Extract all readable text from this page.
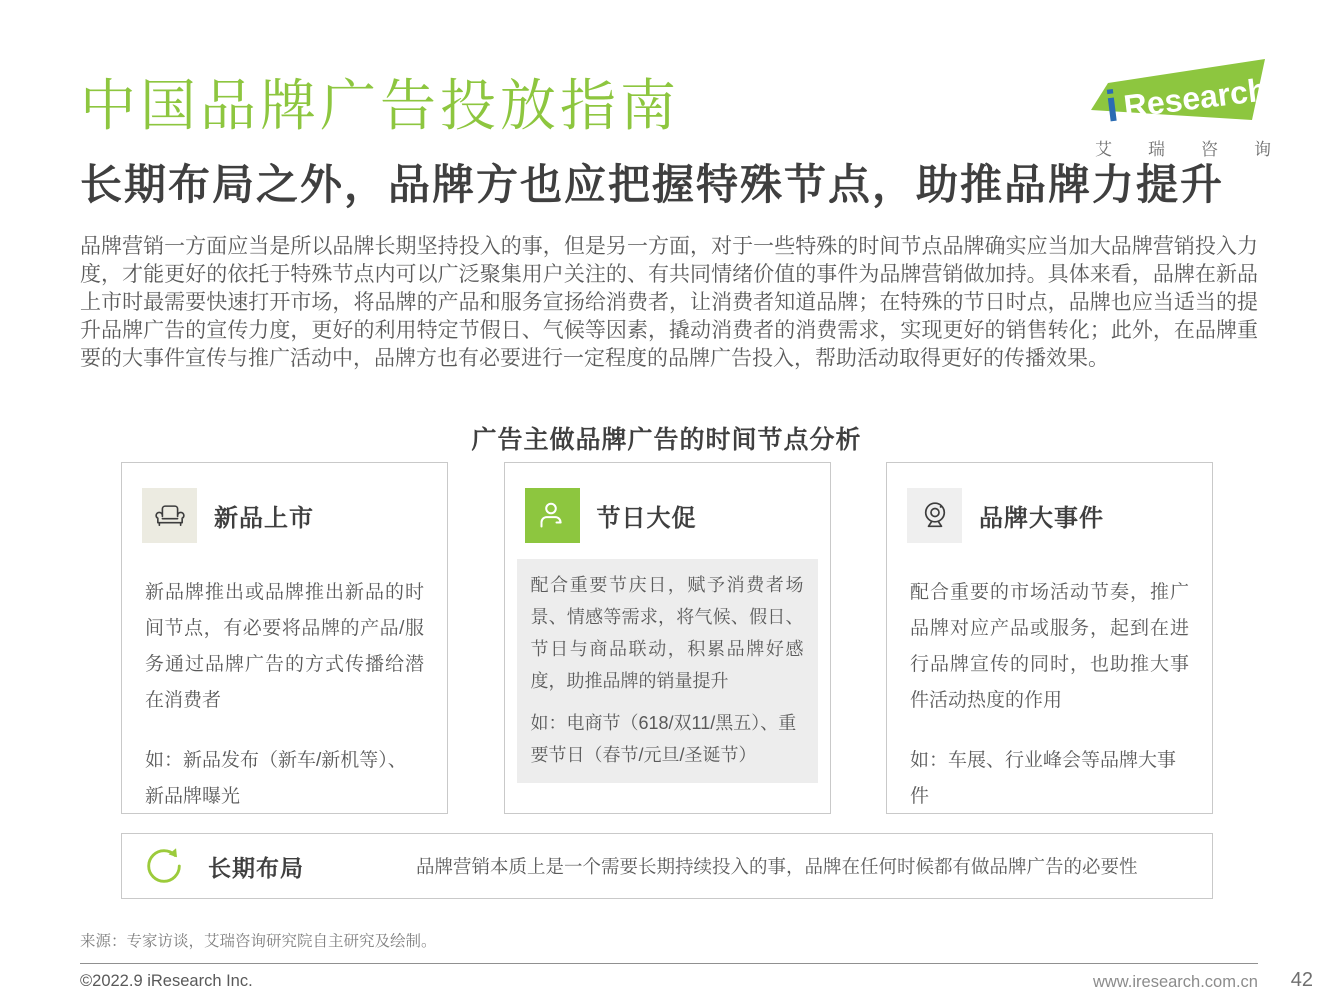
i Research
艾瑞咨询
中国品牌广告投放指南
长期布局之外，品牌方也应把握特殊节点，助推品牌力提升

品牌营销一方面应当是所以品牌长期坚持投入的事，但是另一方面，对于一些特殊的时间节点品牌确实应当加大品牌营销投入力度，才能更好的依托于特殊节点内可以广泛聚集用户关注的、有共同情绪价值的事件为品牌营销做加持。具体来看，品牌在新品上市时最需要快速打开市场，将品牌的产品和服务宣扬给消费者，让消费者知道品牌；在特殊的节日时点，品牌也应当适当的提升品牌广告的宣传力度，更好的利用特定节假日、气候等因素，撬动消费者的消费需求，实现更好的销售转化；此外，在品牌重要的大事件宣传与推广活动中，品牌方也有必要进行一定程度的品牌广告投入，帮助活动取得更好的传播效果。

广告主做品牌广告的时间节点分析
新品上市

新品牌推出或品牌推出新品的时间节点，有必要将品牌的产品/服务通过品牌广告的方式传播给潜在消费者

如：新品发布（新车/新机等）、新品牌曝光

节日大促

配合重要节庆日，赋予消费者场景、情感等需求，将气候、假日、节日与商品联动，积累品牌好感度，助推品牌的销量提升

如：电商节（618/双11/黑五）、重要节日（春节/元旦/圣诞节）

品牌大事件

配合重要的市场活动节奏，推广品牌对应产品或服务，起到在进行品牌宣传的同时，也助推大事件活动热度的作用

如：车展、行业峰会等品牌大事件

长期布局	品牌营销本质上是一个需要长期持续投入的事，品牌在任何时候都有做品牌广告的必要性
来源：专家访谈，艾瑞咨询研究院自主研究及绘制。
©2022.9 iResearch Inc.	www.iresearch.com.cn 42
